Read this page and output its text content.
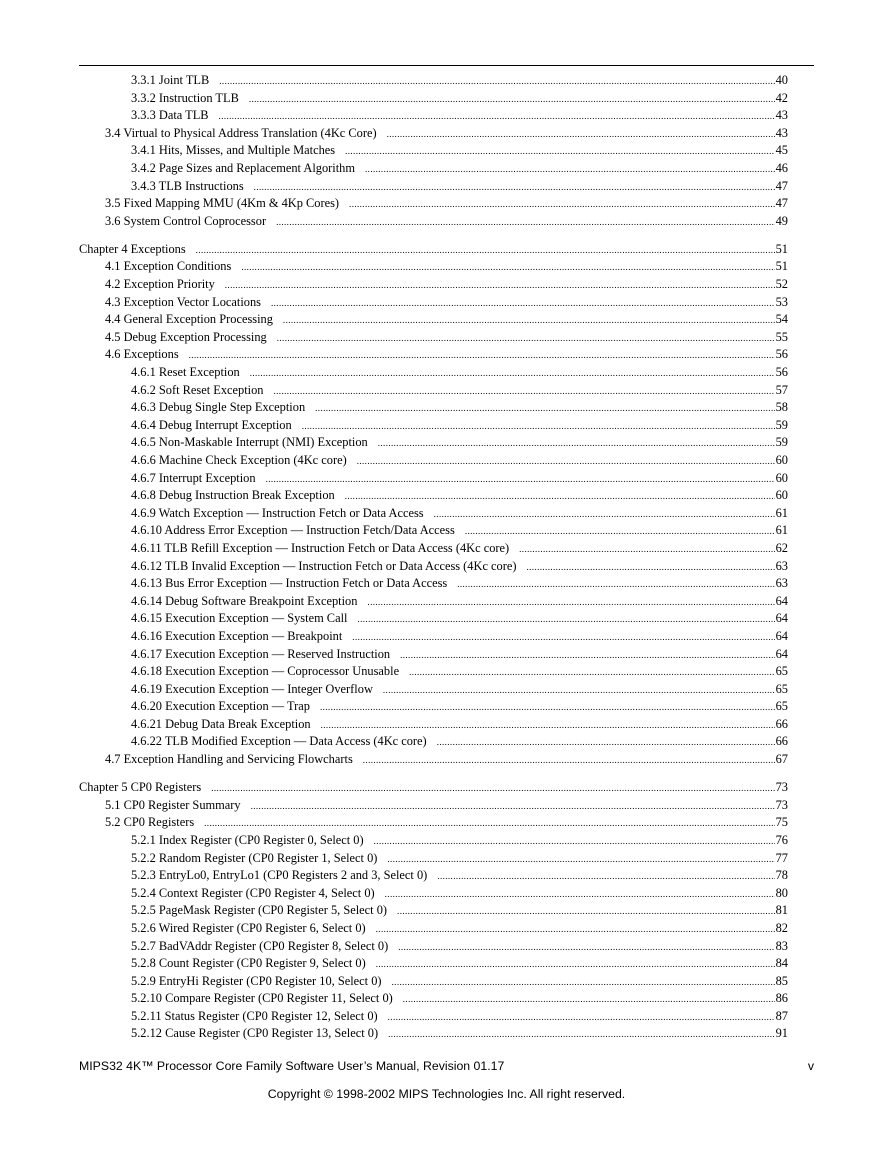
3.3.1 Joint TLB .....	40
3.3.2 Instruction TLB .....	42
3.3.3 Data TLB .....	43
3.4 Virtual to Physical Address Translation (4Kc Core) .....	43
3.4.1 Hits, Misses, and Multiple Matches .....	45
3.4.2 Page Sizes and Replacement Algorithm .....	46
3.4.3 TLB Instructions .....	47
3.5 Fixed Mapping MMU (4Km & 4Kp Cores) .....	47
3.6 System Control Coprocessor .....	49
Chapter 4 Exceptions .....	51
4.1 Exception Conditions .....	51
4.2 Exception Priority .....	52
4.3 Exception Vector Locations .....	53
4.4 General Exception Processing .....	54
4.5 Debug Exception Processing .....	55
4.6 Exceptions .....	56
4.6.1 Reset Exception .....	56
4.6.2 Soft Reset Exception .....	57
4.6.3 Debug Single Step Exception .....	58
4.6.4 Debug Interrupt Exception .....	59
4.6.5 Non-Maskable Interrupt (NMI) Exception .....	59
4.6.6 Machine Check Exception (4Kc core) .....	60
4.6.7 Interrupt Exception .....	60
4.6.8 Debug Instruction Break Exception .....	60
4.6.9 Watch Exception — Instruction Fetch or Data Access .....	61
4.6.10 Address Error Exception — Instruction Fetch/Data Access .....	61
4.6.11 TLB Refill Exception — Instruction Fetch or Data Access (4Kc core) .....	62
4.6.12 TLB Invalid Exception — Instruction Fetch or Data Access (4Kc core) .....	63
4.6.13 Bus Error Exception — Instruction Fetch or Data Access .....	63
4.6.14 Debug Software Breakpoint Exception .....	64
4.6.15 Execution Exception — System Call .....	64
4.6.16 Execution Exception — Breakpoint .....	64
4.6.17 Execution Exception — Reserved Instruction .....	64
4.6.18 Execution Exception — Coprocessor Unusable .....	65
4.6.19 Execution Exception — Integer Overflow .....	65
4.6.20 Execution Exception — Trap .....	65
4.6.21 Debug Data Break Exception .....	66
4.6.22 TLB Modified Exception — Data Access (4Kc core) .....	66
4.7 Exception Handling and Servicing Flowcharts .....	67
Chapter 5 CP0 Registers .....	73
5.1 CP0 Register Summary .....	73
5.2 CP0 Registers .....	75
5.2.1 Index Register (CP0 Register 0, Select 0) .....	76
5.2.2 Random Register (CP0 Register 1, Select 0) .....	77
5.2.3 EntryLo0, EntryLo1 (CP0 Registers 2 and 3, Select 0) .....	78
5.2.4 Context Register (CP0 Register 4, Select 0) .....	80
5.2.5 PageMask Register (CP0 Register 5, Select 0) .....	81
5.2.6 Wired Register (CP0 Register 6, Select 0) .....	82
5.2.7 BadVAddr Register (CP0 Register 8, Select 0) .....	83
5.2.8 Count Register (CP0 Register 9, Select 0) .....	84
5.2.9 EntryHi Register (CP0 Register 10, Select 0) .....	85
5.2.10 Compare Register (CP0 Register 11, Select 0) .....	86
5.2.11 Status Register (CP0 Register 12, Select 0) .....	87
5.2.12 Cause Register (CP0 Register 13, Select 0) .....	91
MIPS32 4K™ Processor Core Family Software User’s Manual, Revision 01.17	v
Copyright © 1998-2002 MIPS Technologies Inc. All right reserved.
